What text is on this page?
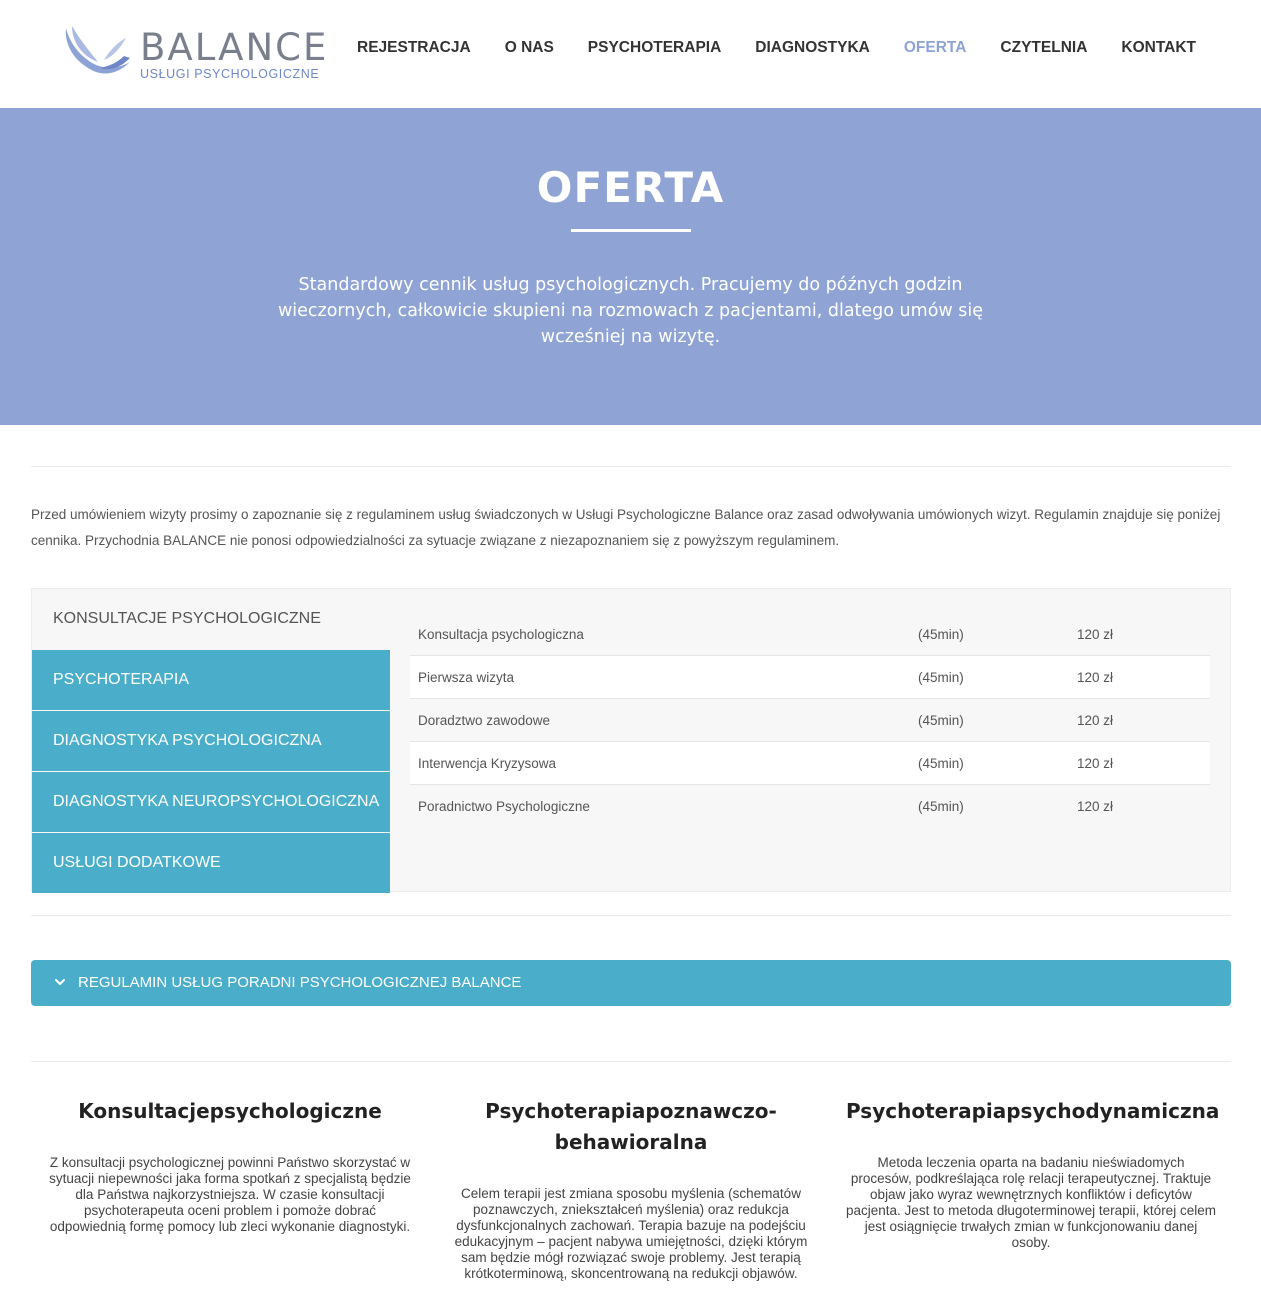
BALANCE
USŁUGI PSYCHOLOGICZNE
REJESTRACJA O NAS PSYCHOTERAPIA DIAGNOSTYKA OFERTA CZYTELNIA KONTAKT
OFERTA

Standardowy cennik usług psychologicznych. Pracujemy do późnych godzin wieczornych, całkowicie skupieni na rozmowach z pacjentami, dlatego umów się wcześniej na wizytę.

Przed umówieniem wizyty prosimy o zapoznanie się z regulaminem usług świadczonych w Usługi Psychologiczne Balance oraz zasad odwoływania umówionych wizyt. Regulamin znajduje się poniżej cennika. Przychodnia BALANCE nie ponosi odpowiedzialności za sytuacje związane z niezapoznaniem się z powyższym regulaminem.

KONSULTACJE PSYCHOLOGICZNE
PSYCHOTERAPIA
DIAGNOSTYKA PSYCHOLOGICZNA
DIAGNOSTYKA NEUROPSYCHOLOGICZNA
USŁUGI DODATKOWE
Konsultacja psychologiczna	(45min)	120 zł
Pierwsza wizyta	(45min)	120 zł
Doradztwo zawodowe	(45min)	120 zł
Interwencja Kryzysowa	(45min)	120 zł
Poradnictwo Psychologiczne	(45min)	120 zł
REGULAMIN USŁUG PORADNI PSYCHOLOGICZNEJ BALANCE
Konsultacjepsychologiczne

Z konsultacji psychologicznej powinni Państwo skorzystać w sytuacji niepewności jaka forma spotkań z specjalistą będzie dla Państwa najkorzystniejsza. W czasie konsultacji psychoterapeuta oceni problem i pomoże dobrać odpowiednią formę pomocy lub zleci wykonanie diagnostyki.

Psychoterapiapoznawczo-behawioralna

Celem terapii jest zmiana sposobu myślenia (schematów poznawczych, zniekształceń myślenia) oraz redukcja dysfunkcjonalnych zachowań. Terapia bazuje na podejściu edukacyjnym – pacjent nabywa umiejętności, dzięki którym sam będzie mógł rozwiązać swoje problemy. Jest terapią krótkoterminową, skoncentrowaną na redukcji objawów.

Psychoterapiapsychodynamiczna

Metoda leczenia oparta na badaniu nieświadomych procesów, podkreślająca rolę relacji terapeutycznej. Traktuje objaw jako wyraz wewnętrznych konfliktów i deficytów pacjenta. Jest to metoda długoterminowej terapii, której celem jest osiągnięcie trwałych zmian w funkcjonowaniu danej osoby.
